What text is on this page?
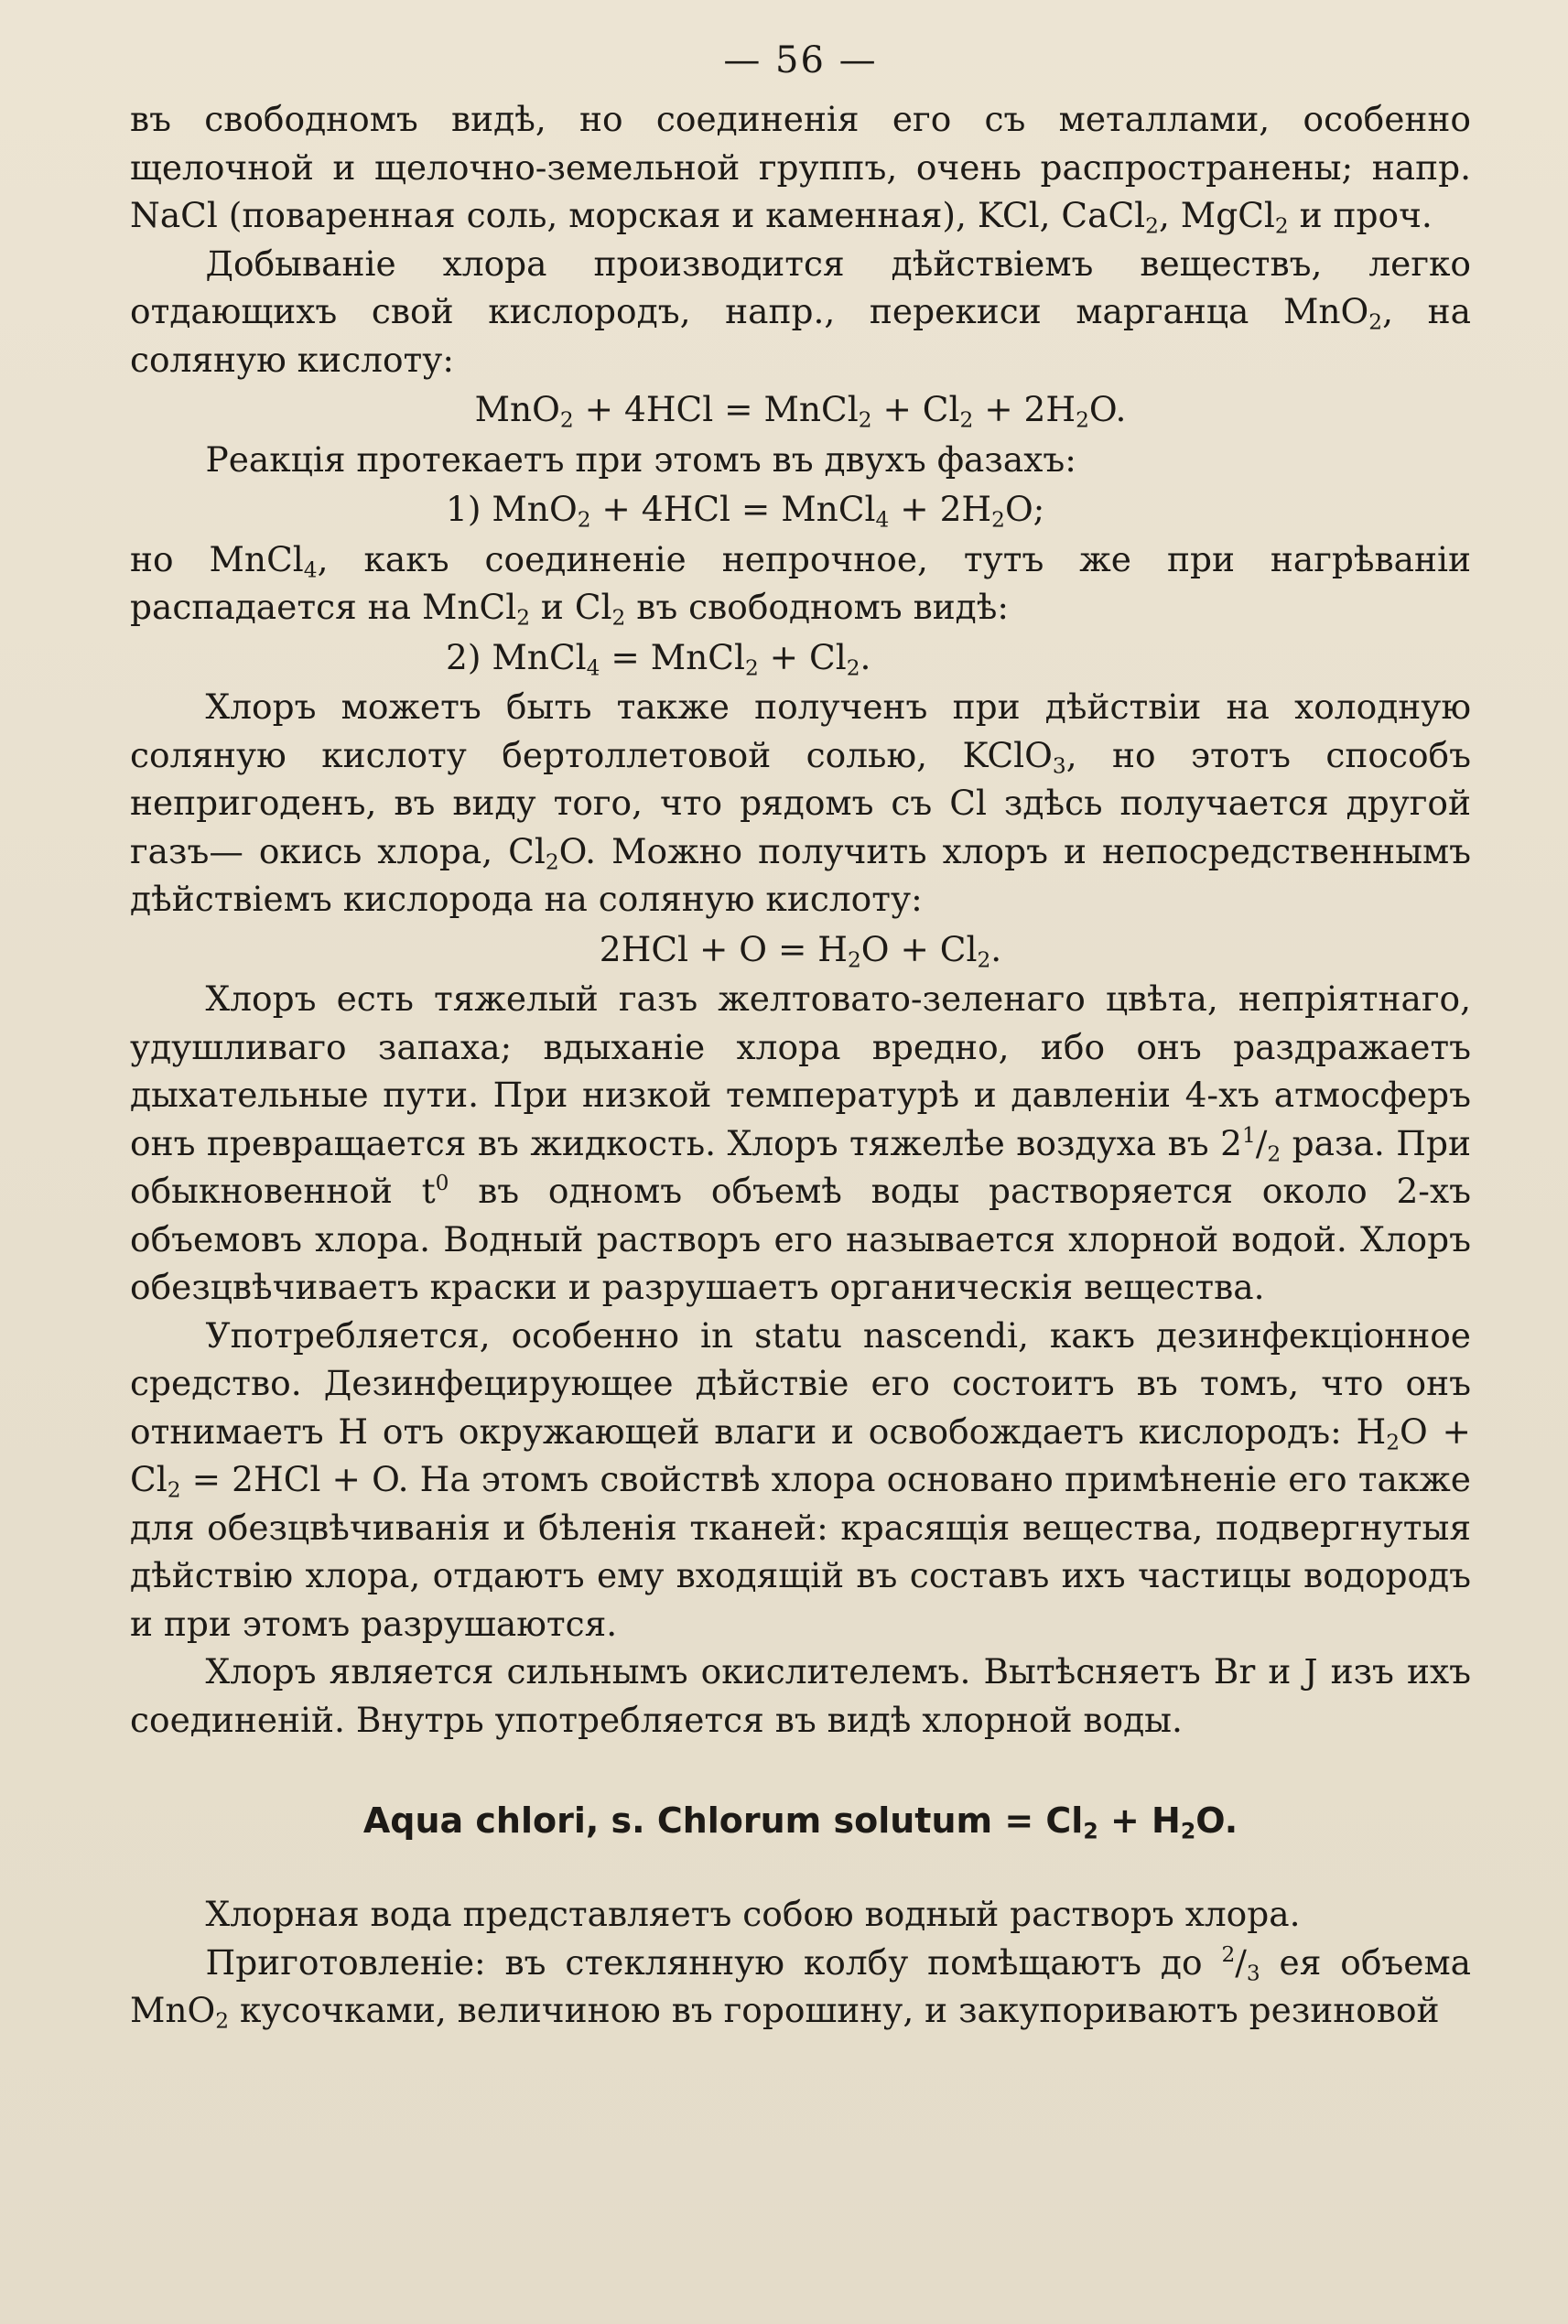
— 56 —

въ свободномъ видѣ, но соединенія его съ металлами, особенно щелочной и щелочно-земельной группъ, очень распространены; напр. NaCl (поваренная соль, морская и каменная), KCl, CaCl$_2$, MgCl$_2$ и проч.

Добываніе хлора производится дѣйствіемъ веществъ, легко отдающихъ свой кислородъ, напр., перекиси марганца MnO$_2$, на соляную кислоту:

MnO$_2$ + 4HCl = MnCl$_2$ + $Cl_2 + 2H_2O$.

Реакція протекаетъ при этомъ въ двухъ фазахъ:

1) MnO$_2$ + 4HCl = MnCl$_4$ + $2H_2O$;

но MnCl$_4$, какъ соединеніе непрочное, тутъ же при нагрѣваніи распадается на MnCl$_2$ и $Cl_2$ въ свободномъ видѣ:

2) MnCl$_4$ = MnCl$_2$ + $Cl_2$.

Хлоръ можетъ быть также полученъ при дѣйствіи на холодную соляную кислоту бертоллетовой солью, KClO$_3$, но этотъ способъ непригоденъ, въ виду того, что рядомъ съ Cl здѣсь получается другой газъ— окись хлора, $Cl_2O$. Можно получить хлоръ и непосредственнымъ дѣйствіемъ кислорода на соляную кислоту:

$2HCl + O = H_2O + Cl_2$.

Хлоръ есть тяжелый газъ желтовато-зеленаго цвѣта, непріятнаго, удушливаго запаха; вдыханіе хлора вредно, ибо онъ раздражаетъ дыхательные пути. При низкой температурѣ и давленіи 4-хъ атмосферъ онъ превращается въ жидкость. Хлоръ тяжелѣе воздуха въ $2^1/_2$ раза. При обыкновенной $t^0$ въ одномъ объемѣ воды растворяется около 2-хъ объемовъ хлора. Водный растворъ его называется хлорной водой. Хлоръ обезцвѣчиваетъ краски и разрушаетъ органическія вещества.

Употребляется, особенно in statu nascendi, какъ дезинфекціонное средство. Дезинфецирующее дѣйствіе его состоитъ въ томъ, что онъ отнимаетъ H отъ окружающей влаги и освобождаетъ кислородъ: $H_2O + Cl_2 = 2HCl + O$. На этомъ свойствѣ хлора основано примѣненіе его также для обезцвѣчиванія и бѣленія тканей: красящія вещества, подвергнутыя дѣйствію хлора, отдаютъ ему входящій въ составъ ихъ частицы водородъ и при этомъ разрушаются.

Хлоръ является сильнымъ окислителемъ. Вытѣсняетъ Br и J изъ ихъ соединеній. Внутрь употребляется въ видѣ хлорной воды.

Aqua chlori, s. Chlorum solutum = $Cl_2 + H_2O$.

Хлорная вода представляетъ собою водный растворъ хлора.

Приготовленіе: въ стеклянную колбу помѣщаютъ до $^2/_3$ ея объема MnO$_2$ кусочками, величиною въ горошину, и закупориваютъ резиновой
